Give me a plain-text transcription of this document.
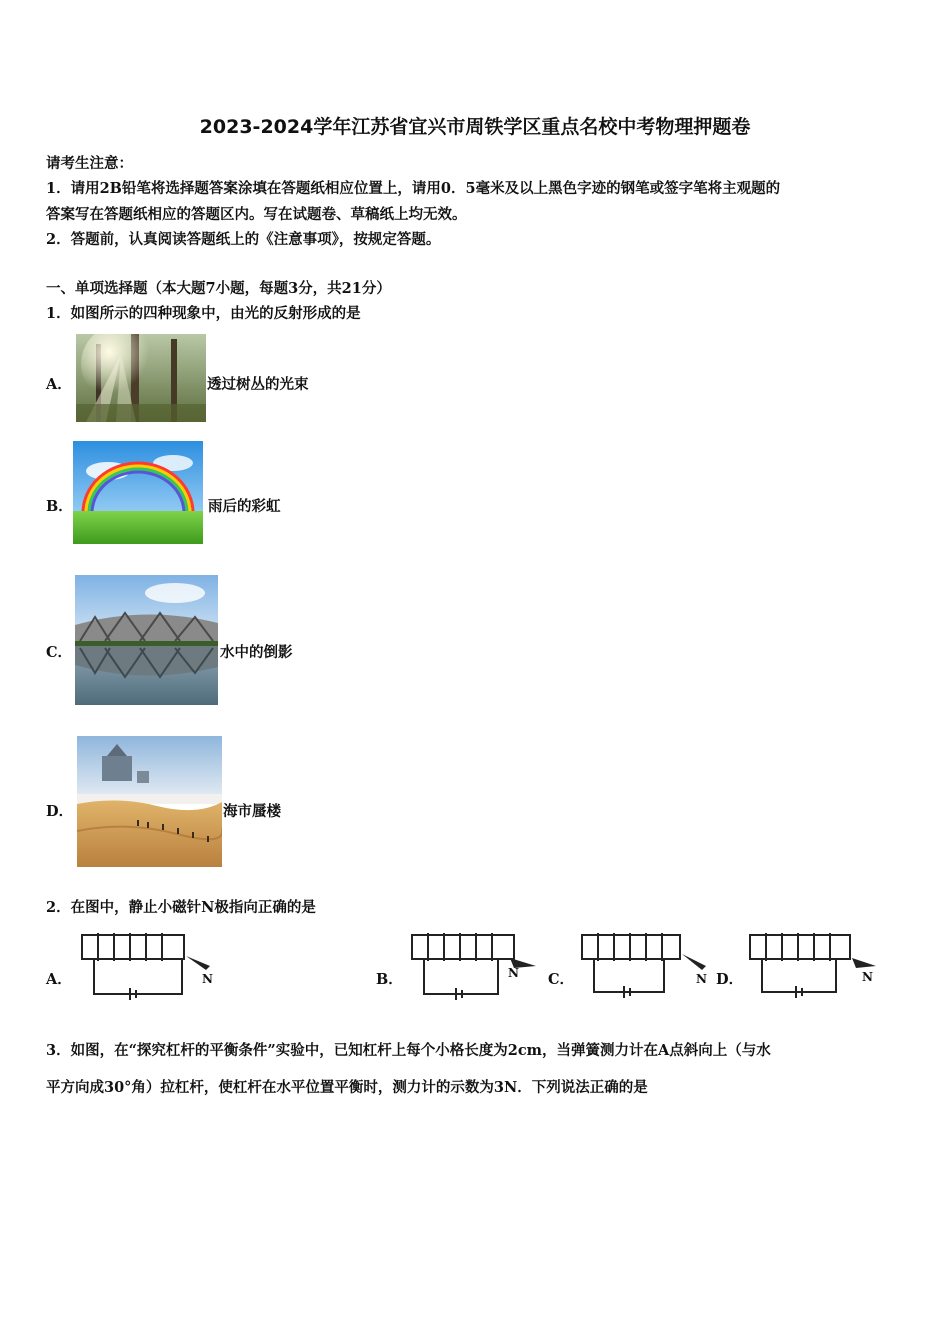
2023-2024学年江苏省宜兴市周铁学区重点名校中考物理押题卷
请考生注意：
1．请用2B铅笔将选择题答案涂填在答题纸相应位置上，请用0．5毫米及以上黑色字迹的钢笔或签字笔将主观题的
答案写在答题纸相应的答题区内。写在试题卷、草稿纸上均无效。
2．答题前，认真阅读答题纸上的《注意事项》，按规定答题。
一、单项选择题（本大题7小题，每题3分，共21分）
1．如图所示的四种现象中，由光的反射形成的是
A．	透过树丛的光束
B．	雨后的彩虹
C．	水中的倒影
D．	海市蜃楼
2．在图中，静止小磁针N极指向正确的是
A．	N	B．	N C．	N D．	N
3．如图，在“探究杠杆的平衡条件”实验中，已知杠杆上每个小格长度为2cm，当弹簧测力计在A点斜向上（与水
平方向成30°角）拉杠杆，使杠杆在水平位置平衡时，测力计的示数为3N．下列说法正确的是
